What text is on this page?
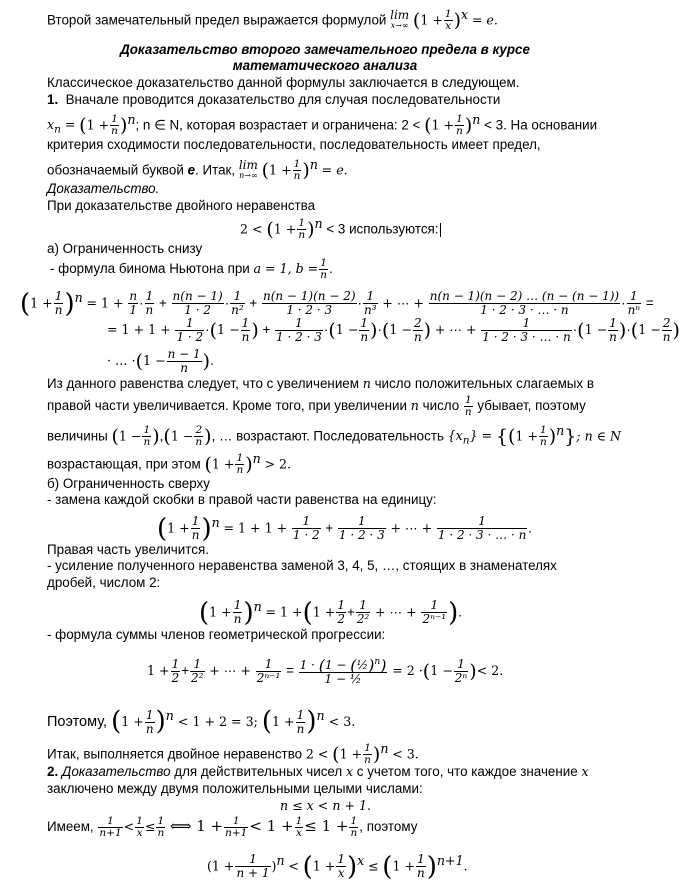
Второй замечательный предел выражается формулой lim
x→∞ $(1 + \frac{1}{x} )^x = e$.
Доказательство второго замечательного предела в курсе
математического анализа
Классическое доказательство данной формулы заключается в следующем.
1. Вначале проводится доказательство для случая последовательности
$x_n = (1 + \frac{1}{n} )^n$; n ∈ N, которая возрастает и ограничена: $2 < (1 + \frac{1}{n} )^n < 3$. На основании
критерия сходимости последовательности, последовательность имеет предел,
обозначаемый буквой e. Итак, lim
n→∞ $(1 + \frac{1}{n} )^n = e$.
Доказательство.
При доказательстве двойного неравенства
$2 < (1 + \frac{1}{n} )^n < 3$ используются:
а) Ограниченность снизу
- формула бинома Ньютона при a = 1, $b = \frac{1}{n}$ .
$(1 + \frac{1}{n} )^n = 1 + \frac{n}{1} \cdot \frac{1}{n} + \frac{n(n - 1)}{1 \cdot 2} \cdot \frac{1}{\text{n²}} + \frac{n(n - 1)(n - 2)}{1 \cdot 2 \cdot 3} \cdot \frac{1}{\text{n³}}$ + ⋯ + $\frac{n(n - 1)(n - 2) \dots (n - (n - 1))}{1 \cdot 2 \cdot 3 \cdot \dots \cdot n} \cdot \frac{1}{\text{nⁿ}}$ =
= $1 + 1 + \frac{1}{1 \cdot 2} \cdot(1 - \frac{1}{n}$ ) + $\frac{1}{1 \cdot 2 \cdot 3} \cdot(1 - \frac{1}{n} )\cdot(1 - \frac{2}{n}$ ) + ⋯ + $\frac{1}{1 \cdot 2 \cdot 3 \cdot \dots \cdot n} \cdot(1 - \frac{1}{n} )\cdot(1 - \frac{2}{n}$ )
· … $\cdot(1 - \frac{n - 1}{n}$ ).
Из данного равенства следует, что с увеличением n число положительных слагаемых в
правой части увеличивается. Кроме того, при увеличении n число $\frac{1}{n}$ убывает, поэтому
величины $(1 - \frac{1}{n} ),(1 - \frac{2}{n}$ ), … возрастают. Последовательность $\{x_n\} = \{(1 + \frac{1}{n} )^n\}$; n ∈ N
возрастающая, при этом $(1 + \frac{1}{n} )^n > 2$.
б) Ограниченность сверху
- замена каждой скобки в правой части равенства на единицу:
$(1 + \frac{1}{n} )^n = 1 + 1 + \frac{1}{1 \cdot 2} + \frac{1}{1 \cdot 2 \cdot 3}$ + ⋯ + $\frac{1}{1 \cdot 2 \cdot 3 \cdot \dots \cdot n}$ .
Правая часть увеличится.
- усиление полученного неравенства заменой 3, 4, 5, …, стоящих в знаменателях
дробей, числом 2:
$(1 + \frac{1}{n} )^n = 1 +(1 + \frac{1}{2} + \frac{1}{\text{2²}}$ + ⋯ + $\frac{1}{\text{2ⁿ⁻¹}}$ ).
- формула суммы членов геометрической прогрессии:
$1 + \frac{1}{2} + \frac{1}{\text{2²}}$ + ⋯ + $\frac{1}{\text{2ⁿ⁻¹}} = \frac{1 \cdot (1 - (\frac{1}{2})^n)}{\text{1 − ½}} = 2 \cdot(1 - \frac{1}{\text{2ⁿ}}$ )< 2.
Поэтому, $(1 + \frac{1}{n} )^n < 1 + 2 = 3$; $(1 + \frac{1}{n} )^n < 3$.
Итак, выполняется двойное неравенство $2 < (1 + \frac{1}{n} )^n < 3$.
2. Доказательство для действительных чисел x с учетом того, что каждое значение x
заключено между двумя положительными целыми числами:
n ≤ x < n + 1.
Имеем, $\frac{1}{n+1} < \frac{1}{x} \le \frac{1}{n}$ ⟺ $1 + \frac{1}{n+1} < 1 + \frac{1}{x} \le 1 + \frac{1}{n}$ , поэтому
$(1 + \frac{1}{n + 1} )^n < (1 + \frac{1}{x} )^x \le (1 + \frac{1}{n} )^{n+1}$.
